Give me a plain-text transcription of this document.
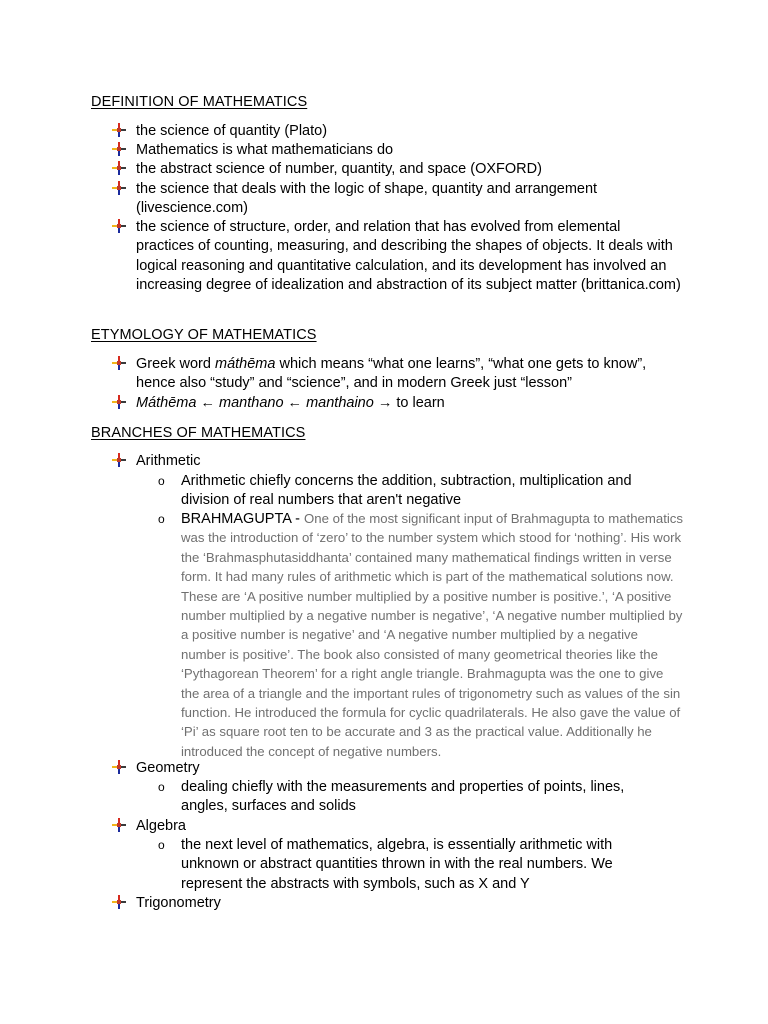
DEFINITION OF MATHEMATICS
the science of quantity (Plato)
Mathematics is what mathematicians do
the abstract science of number, quantity, and space (OXFORD)
the science that deals with the logic of shape, quantity and arrangement (livescience.com)
the science of structure, order, and relation that has evolved from elemental practices of counting, measuring, and describing the shapes of objects. It deals with logical reasoning and quantitative calculation, and its development has involved an increasing degree of idealization and abstraction of its subject matter (brittanica.com)
ETYMOLOGY OF MATHEMATICS
Greek word máthēma which means “what one learns”, “what one gets to know”, hence also “study” and “science”, and in modern Greek just “lesson”
Máthēma ← manthano ← manthaino → to learn
BRANCHES OF MATHEMATICS
Arithmetic
o Arithmetic chiefly concerns the addition, subtraction, multiplication and division of real numbers that aren't negative
o BRAHMAGUPTA - One of the most significant input of Brahmagupta to mathematics was the introduction of ‘zero’ to the number system which stood for ‘nothing’. His work the ‘Brahmasphutasiddhanta’ contained many mathematical findings written in verse form. It had many rules of arithmetic which is part of the mathematical solutions now. These are ‘A positive number multiplied by a positive number is positive.’, ‘A positive number multiplied by a negative number is negative’, ‘A negative number multiplied by a positive number is negative’ and ‘A negative number multiplied by a negative number is positive’. The book also consisted of many geometrical theories like the ‘Pythagorean Theorem’ for a right angle triangle. Brahmagupta was the one to give the area of a triangle and the important rules of trigonometry such as values of the sin function. He introduced the formula for cyclic quadrilaterals. He also gave the value of ‘Pi’ as square root ten to be accurate and 3 as the practical value. Additionally he introduced the concept of negative numbers.
Geometry
o dealing chiefly with the measurements and properties of points, lines, angles, surfaces and solids
Algebra
o the next level of mathematics, algebra, is essentially arithmetic with unknown or abstract quantities thrown in with the real numbers. We represent the abstracts with symbols, such as X and Y
Trigonometry
